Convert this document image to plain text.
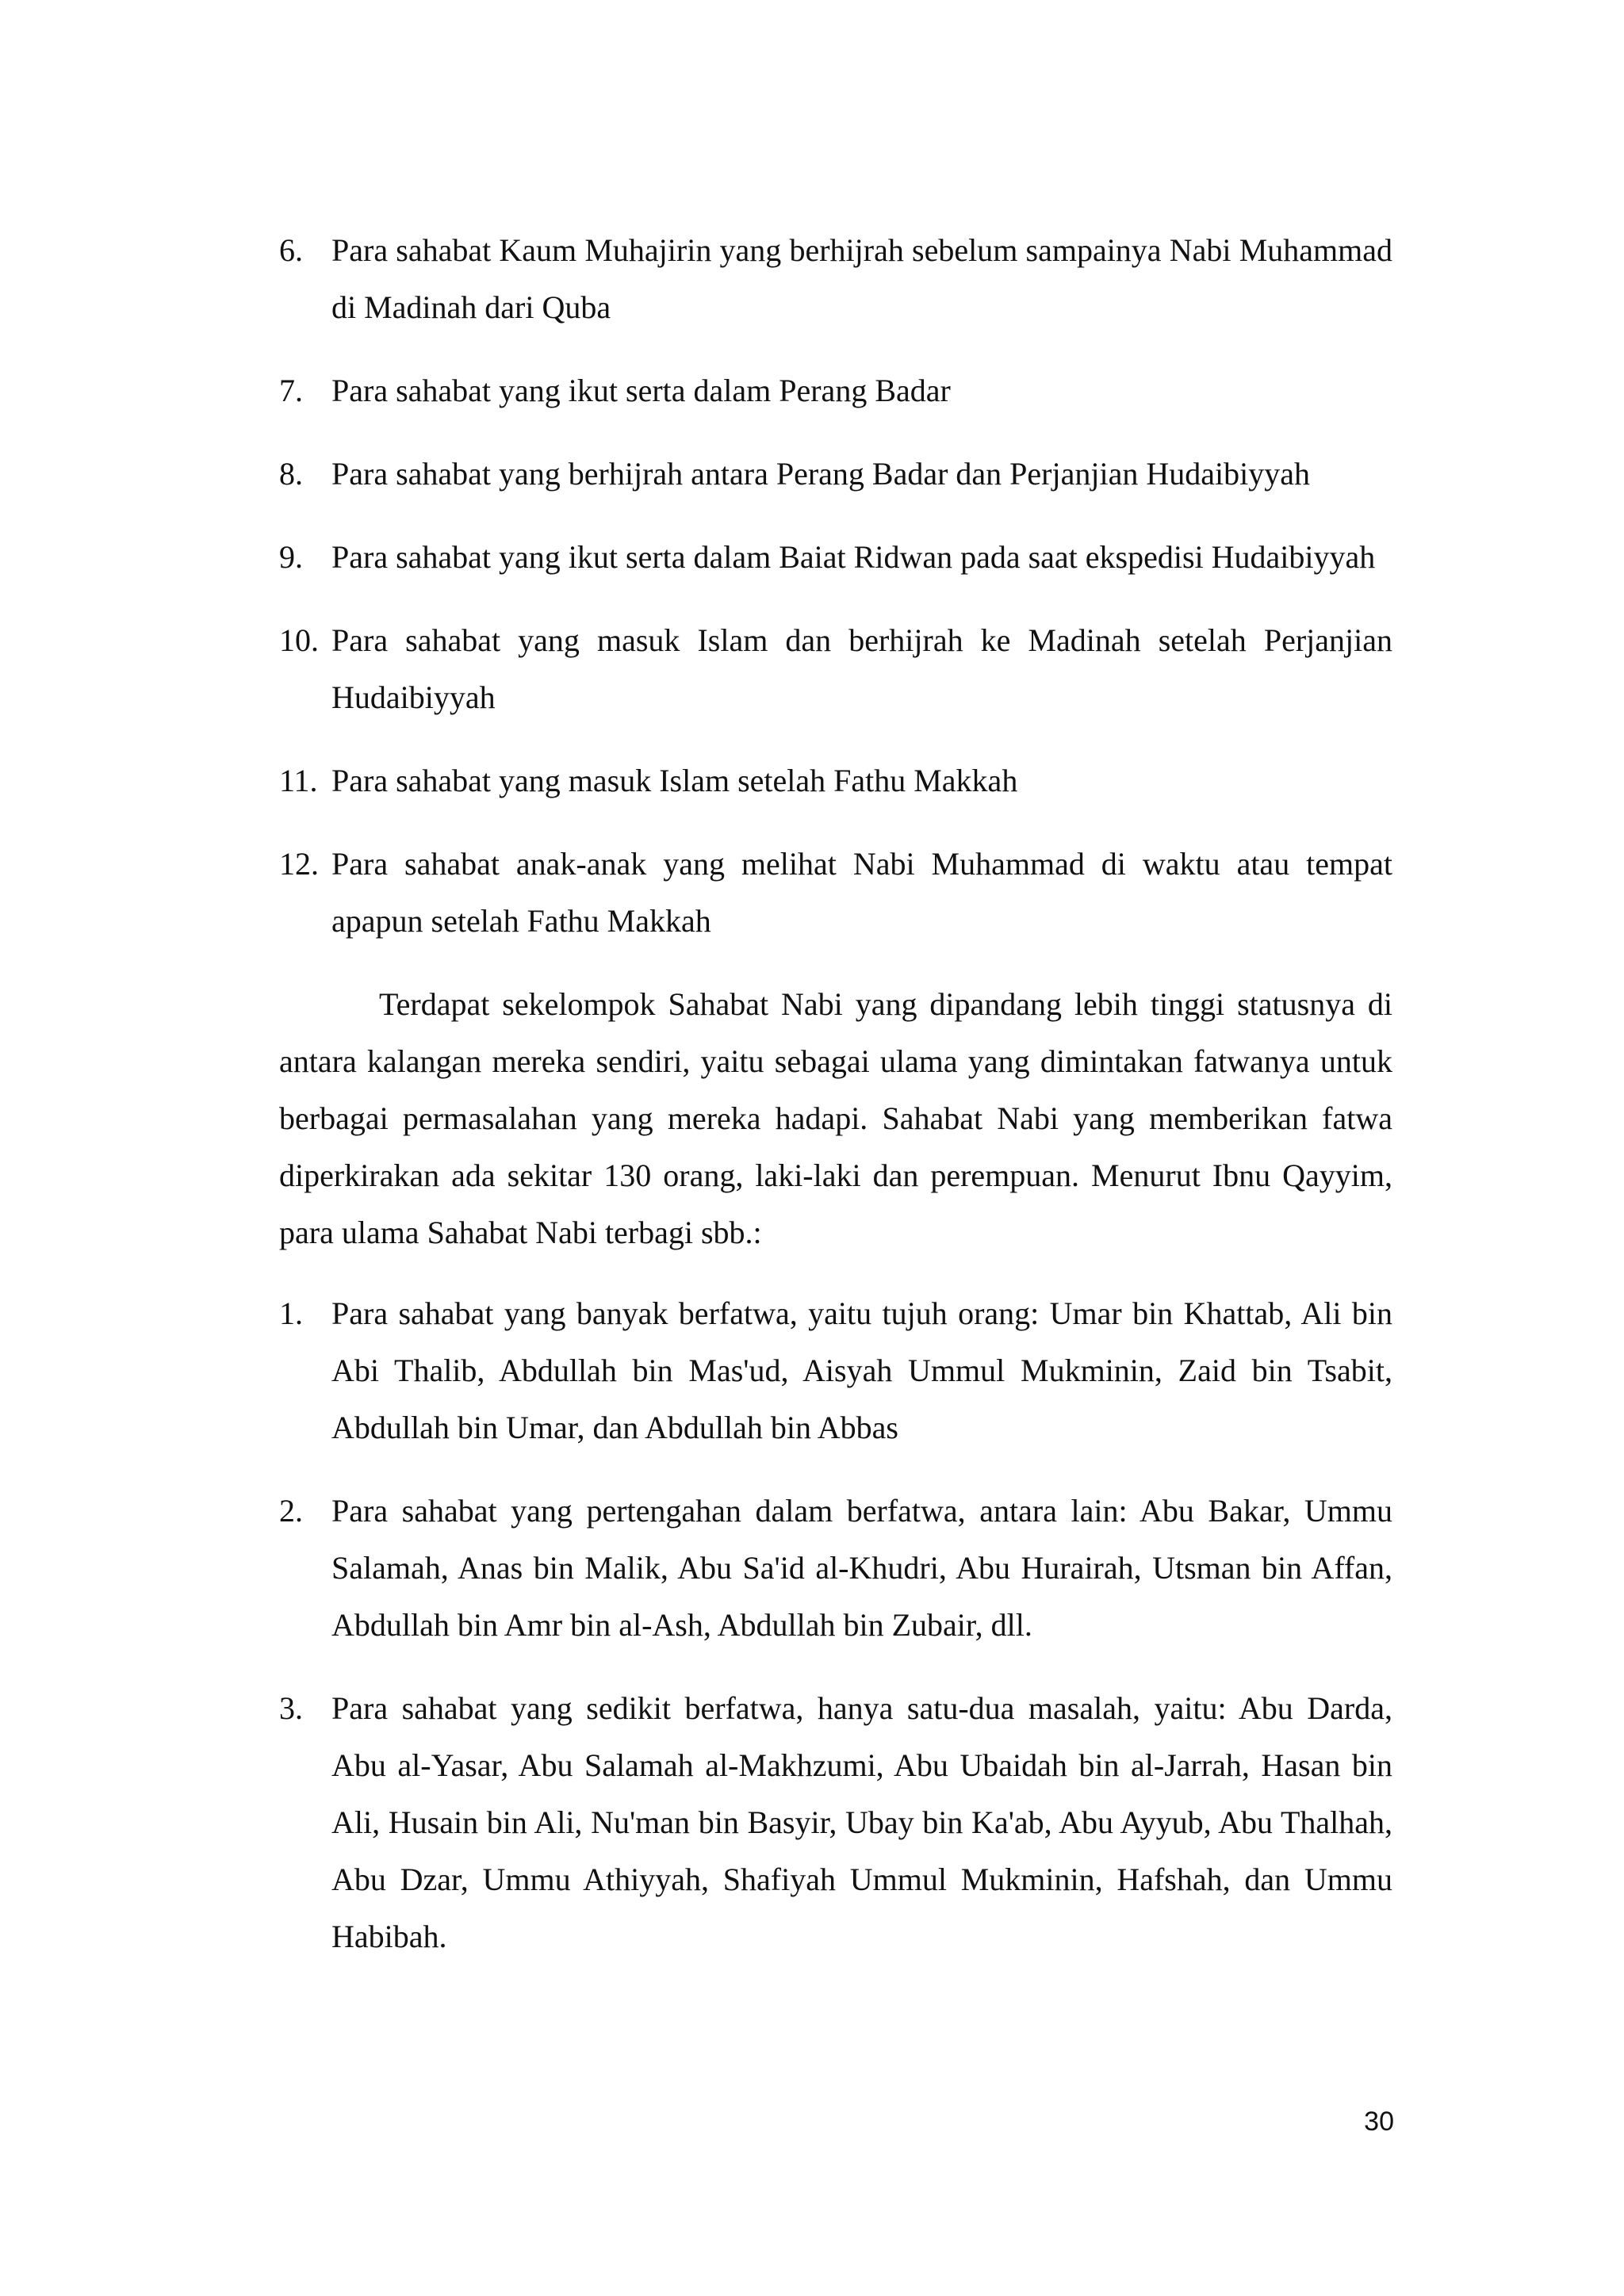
6. Para sahabat Kaum Muhajirin yang berhijrah sebelum sampainya Nabi Muhammad di Madinah dari Quba
7. Para sahabat yang ikut serta dalam Perang Badar
8. Para sahabat yang berhijrah antara Perang Badar dan Perjanjian Hudaibiyyah
9. Para sahabat yang ikut serta dalam Baiat Ridwan pada saat ekspedisi Hudaibiyyah
10. Para sahabat yang masuk Islam dan berhijrah ke Madinah setelah Perjanjian Hudaibiyyah
11. Para sahabat yang masuk Islam setelah Fathu Makkah
12. Para sahabat anak-anak yang melihat Nabi Muhammad di waktu atau tempat apapun setelah Fathu Makkah

Terdapat sekelompok Sahabat Nabi yang dipandang lebih tinggi statusnya di antara kalangan mereka sendiri, yaitu sebagai ulama yang dimintakan fatwanya untuk berbagai permasalahan yang mereka hadapi. Sahabat Nabi yang memberikan fatwa diperkirakan ada sekitar 130 orang, laki-laki dan perempuan. Menurut Ibnu Qayyim, para ulama Sahabat Nabi terbagi sbb.:

1. Para sahabat yang banyak berfatwa, yaitu tujuh orang: Umar bin Khattab, Ali bin Abi Thalib, Abdullah bin Mas'ud, Aisyah Ummul Mukminin, Zaid bin Tsabit, Abdullah bin Umar, dan Abdullah bin Abbas
2. Para sahabat yang pertengahan dalam berfatwa, antara lain: Abu Bakar, Ummu Salamah, Anas bin Malik, Abu Sa'id al-Khudri, Abu Hurairah, Utsman bin Affan, Abdullah bin Amr bin al-Ash, Abdullah bin Zubair, dll.
3. Para sahabat yang sedikit berfatwa, hanya satu-dua masalah, yaitu: Abu Darda, Abu al-Yasar, Abu Salamah al-Makhzumi, Abu Ubaidah bin al-Jarrah, Hasan bin Ali, Husain bin Ali, Nu'man bin Basyir, Ubay bin Ka'ab, Abu Ayyub, Abu Thalhah, Abu Dzar, Ummu Athiyyah, Shafiyah Ummul Mukminin, Hafshah, dan Ummu Habibah.
30
